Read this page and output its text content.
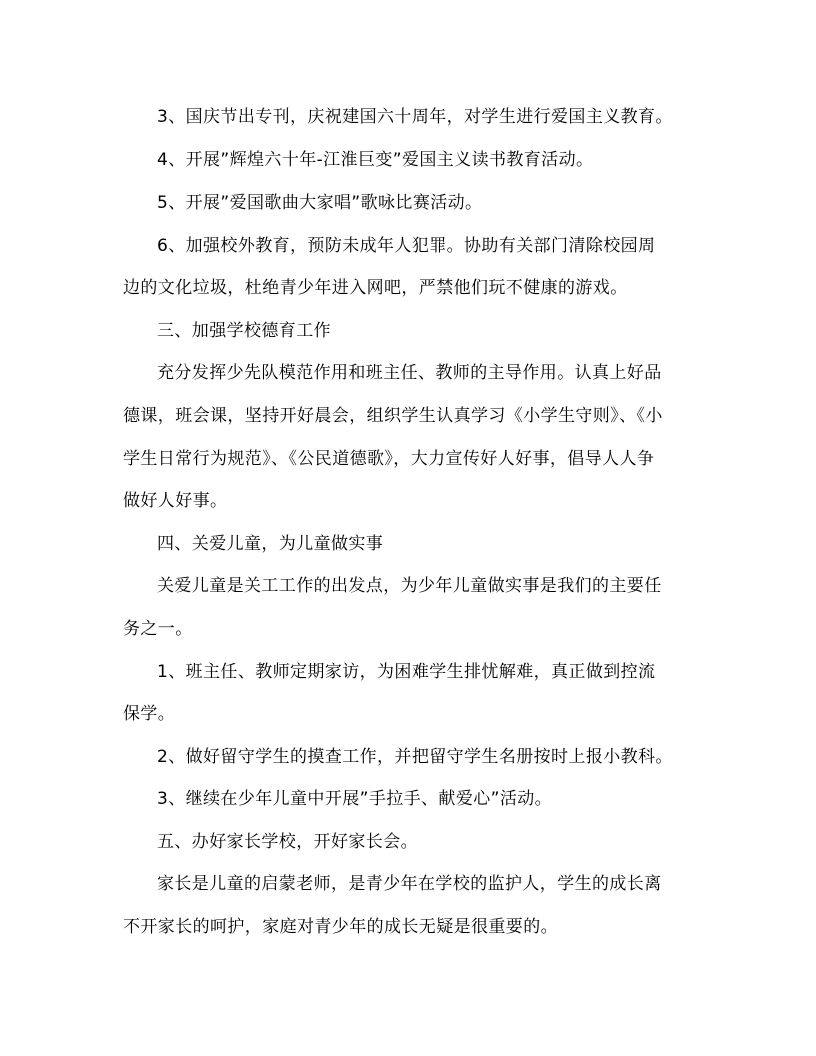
3、国庆节出专刊，庆祝建国六十周年，对学生进行爱国主义教育。
4、开展”辉煌六十年-江淮巨变”爱国主义读书教育活动。
5、开展”爱国歌曲大家唱”歌咏比赛活动。
6、加强校外教育，预防未成年人犯罪。协助有关部门清除校园周
边的文化垃圾，杜绝青少年进入网吧，严禁他们玩不健康的游戏。
三、加强学校德育工作
充分发挥少先队模范作用和班主任、教师的主导作用。认真上好品
德课，班会课，坚持开好晨会，组织学生认真学习《小学生守则》、《小
学生日常行为规范》、《公民道德歌》，大力宣传好人好事，倡导人人争
做好人好事。
四、关爱儿童，为儿童做实事
关爱儿童是关工工作的出发点，为少年儿童做实事是我们的主要任
务之一。
1、班主任、教师定期家访，为困难学生排忧解难，真正做到控流
保学。
2、做好留守学生的摸查工作，并把留守学生名册按时上报小教科。
3、继续在少年儿童中开展”手拉手、献爱心”活动。
五、办好家长学校，开好家长会。
家长是儿童的启蒙老师，是青少年在学校的监护人，学生的成长离
不开家长的呵护，家庭对青少年的成长无疑是很重要的。
